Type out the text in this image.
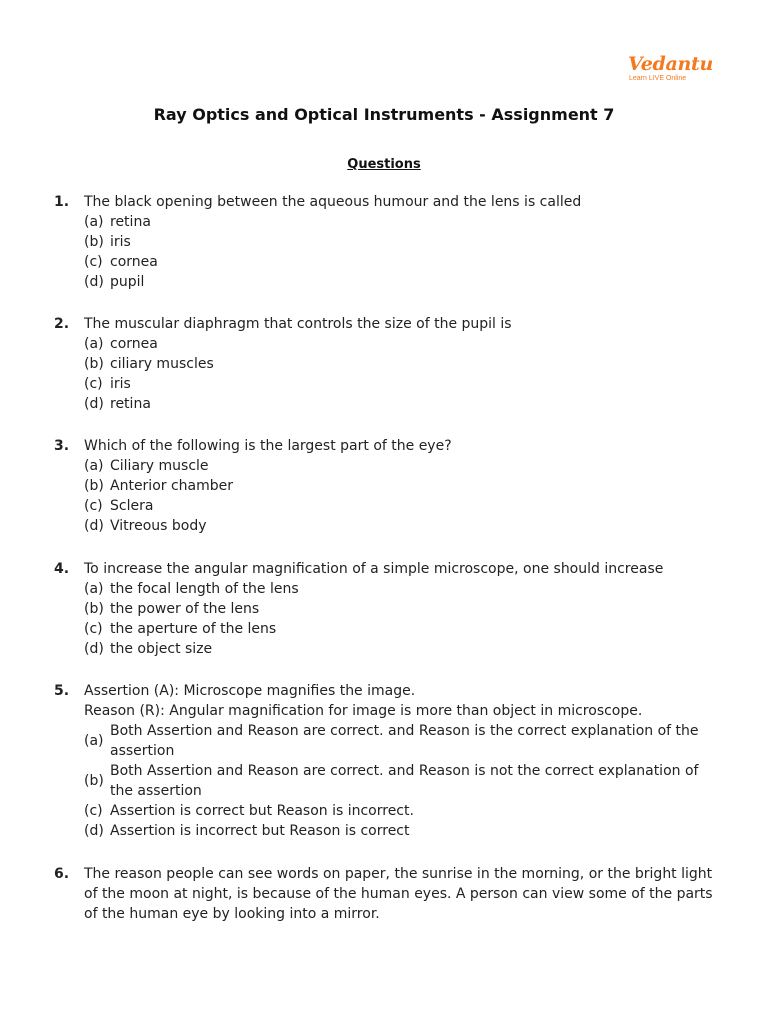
Vedantu
Learn LIVE Online
Ray Optics and Optical Instruments - Assignment 7
Questions
1. The black opening between the aqueous humour and the lens is called
(a) retina
(b) iris
(c) cornea
(d) pupil
2. The muscular diaphragm that controls the size of the pupil is
(a) cornea
(b) ciliary muscles
(c) iris
(d) retina
3. Which of the following is the largest part of the eye?
(a) Ciliary muscle
(b) Anterior chamber
(c) Sclera
(d) Vitreous body
4. To increase the angular magnification of a simple microscope, one should increase
(a) the focal length of the lens
(b) the power of the lens
(c) the aperture of the lens
(d) the object size
5. Assertion (A): Microscope magnifies the image.
Reason (R): Angular magnification for image is more than object in microscope.
(a)
Both Assertion and Reason are correct. and Reason is the correct explanation of the assertion
(b)
Both Assertion and Reason are correct. and Reason is not the correct explanation of the assertion
(c) Assertion is correct but Reason is incorrect.
(d) Assertion is incorrect but Reason is correct
6. The reason people can see words on paper, the sunrise in the morning, or the bright light of the moon at night, is because of the human eyes. A person can view some of the parts of the human eye by looking into a mirror.
